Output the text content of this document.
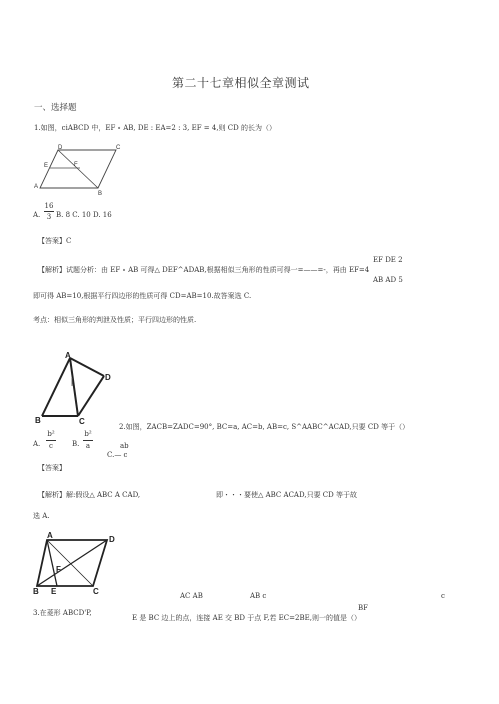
第二十七章相似全章测试
一、选择题
1.如图，ciABCD 中，EF ∘ AB, DE : EA=2 : 3, EF = 4,则 CD 的长为（）
D	C
E	F
A
B
A.
16
3 B. 8 C. 10 D. 16
【答案】C
EF DE 2
【解析】试题分析：由 EF ∘ AB 可得△ DEF^ADAB,根据相似三角形的性质可得一=——=-，再由 EF=4
AB AD 5
即可得 AB=10,根据平行四边形的性质可得 CD=AB=10.故答案选 C.
考点：相似三角形的判泄及性质；平行四边形的性质.
A
D
B	C
2.如图，ZACB=ZADC=90°, BC=a, AC=b, AB=c, S^AABC^ACAD,只要 CD 等于（）
A.
b²
c	B.
b²
a	ab
C.— c
【答案】
【解析】解:假设△ ABC A CAD,	即・・・要使△ ABC ACAD,只要 CD 等于故
选 A.
A	D
E
F
B	C	AC AB	AB c	c
BF
3.在菱形 ABCD'P,
E 是 BC 边上的点，连接 AE 交 BD 于点 F,若 EC=2BE,则一的值是（）
